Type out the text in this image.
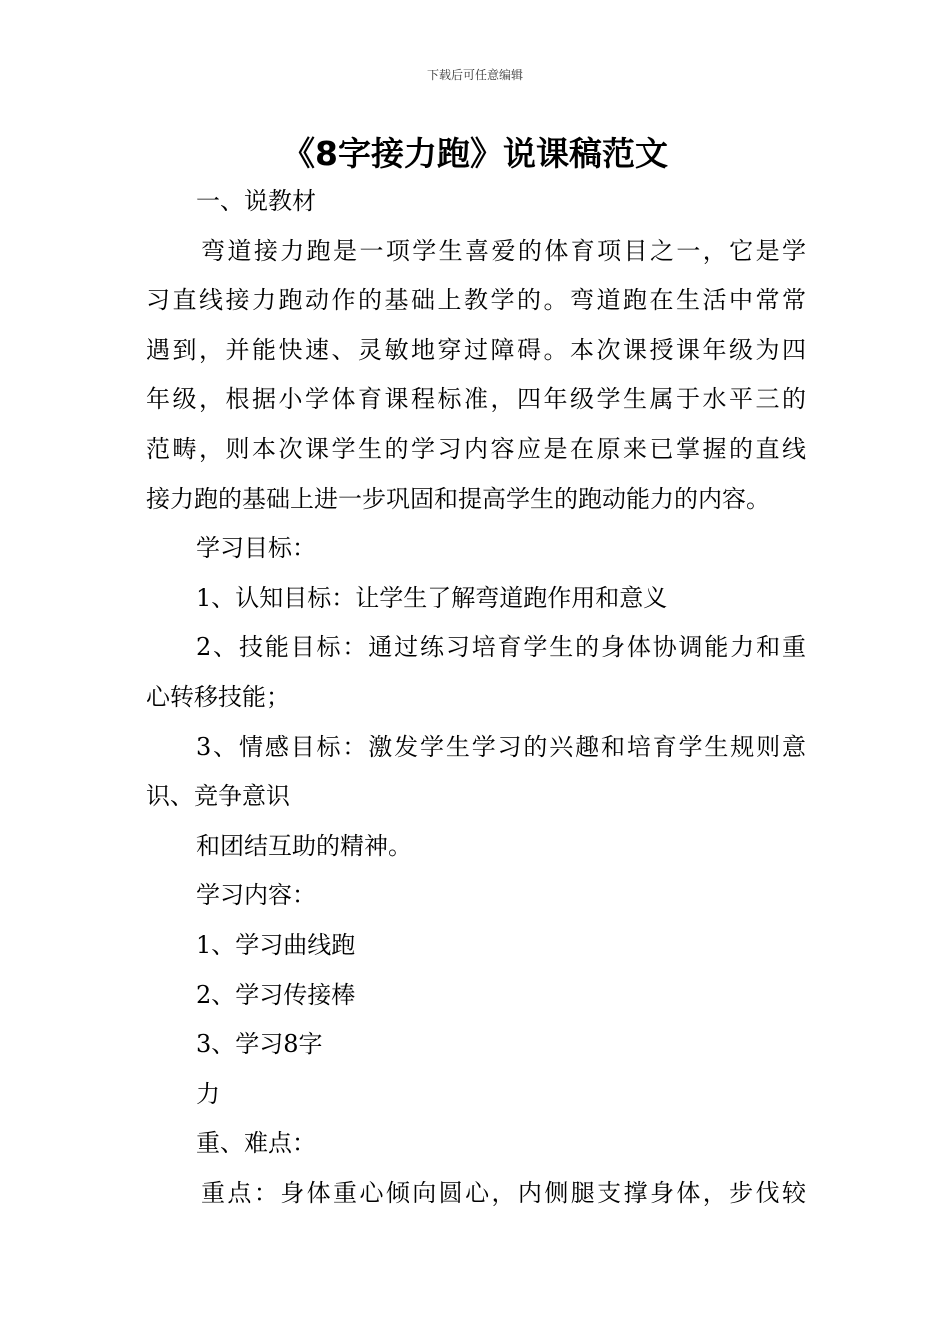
下载后可任意编辑
《8字接力跑》说课稿范文
一、说教材
弯道接力跑是一项学生喜爱的体育项目之一，它是学
习直线接力跑动作的基础上教学的。弯道跑在生活中常常
遇到，并能快速、灵敏地穿过障碍。本次课授课年级为四
年级，根据小学体育课程标准，四年级学生属于水平三的
范畴，则本次课学生的学习内容应是在原来已掌握的直线
接力跑的基础上进一步巩固和提高学生的跑动能力的内容。
学习目标：
1、认知目标：让学生了解弯道跑作用和意义
2、技能目标：通过练习培育学生的身体协调能力和重
心转移技能；
3、情感目标：激发学生学习的兴趣和培育学生规则意
识、竞争意识
和团结互助的精神。
学习内容：
1、学习曲线跑
2、学习传接棒
3、学习8字
力
重、难点：
重点：身体重心倾向圆心，内侧腿支撑身体，步伐较
